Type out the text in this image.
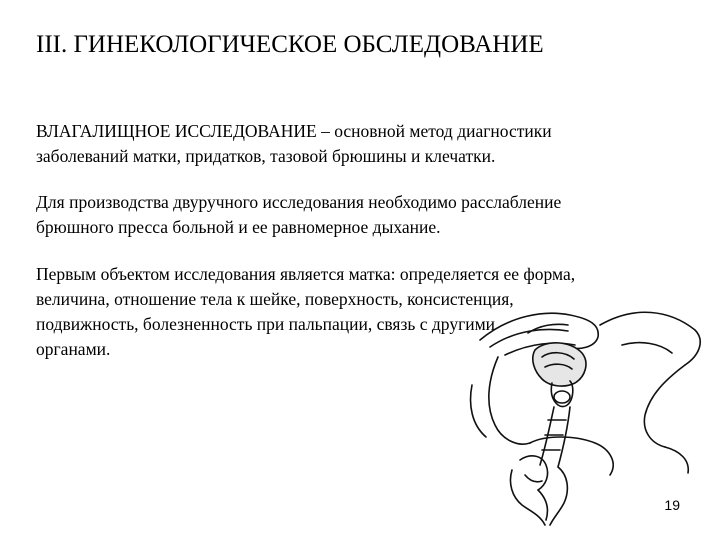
III. ГИНЕКОЛОГИЧЕСКОЕ ОБСЛЕДОВАНИЕ
ВЛАГАЛИЩНОЕ ИССЛЕДОВАНИЕ – основной метод диагностики
заболеваний матки, придатков, тазовой брюшины и клечатки.
Для производства двуручного исследования необходимо расслабление
брюшного пресса больной и ее равномерное дыхание.
Первым объектом исследования является матка: определяется ее форма,
величина, отношение тела к шейке, поверхность, консистенция,
подвижность, болезненность при пальпации, связь с другими
органами.
19
